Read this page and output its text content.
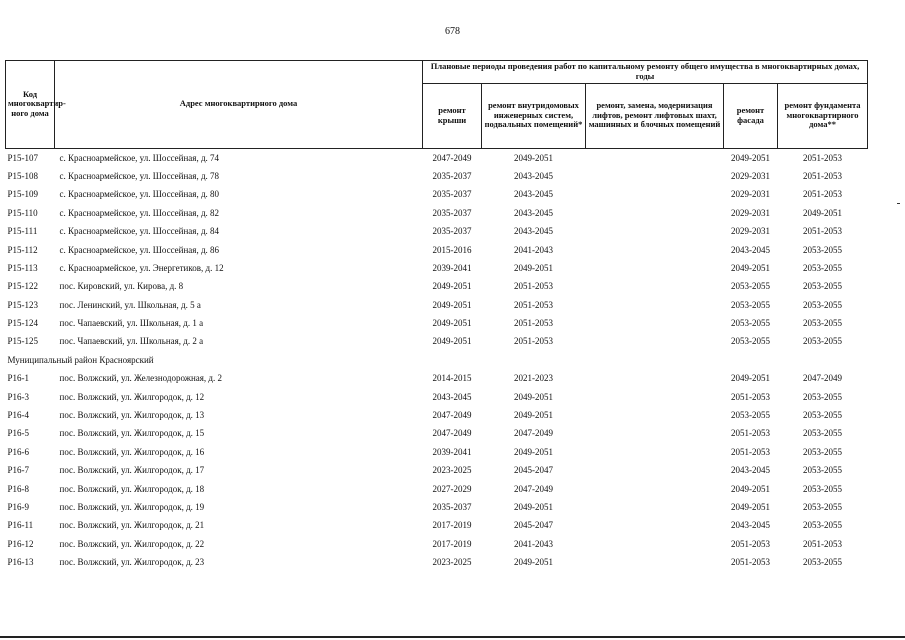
678
Код многоквартир-ного дома	Адрес многоквартирного дома	Плановые периоды проведения работ по капитальному ремонту общего имущества в многоквартирных домах, годы				
		ремонт крыши	ремонт внутридомовых инженерных систем, подвальных помещений*	ремонт, замена, модернизация лифтов, ремонт лифтовых шахт, машинных и блочных помещений	ремонт фасада	ремонт фундамента многоквартирного дома**
Р15-107	с. Красноармейское, ул. Шоссейная, д. 74	2047-2049	2049-2051		2049-2051	2051-2053
Р15-108	с. Красноармейское, ул. Шоссейная, д. 78	2035-2037	2043-2045		2029-2031	2051-2053
Р15-109	с. Красноармейское, ул. Шоссейная, д. 80	2035-2037	2043-2045		2029-2031	2051-2053
Р15-110	с. Красноармейское, ул. Шоссейная, д. 82	2035-2037	2043-2045		2029-2031	2049-2051
Р15-111	с. Красноармейское, ул. Шоссейная, д. 84	2035-2037	2043-2045		2029-2031	2051-2053
Р15-112	с. Красноармейское, ул. Шоссейная, д. 86	2015-2016	2041-2043		2043-2045	2053-2055
Р15-113	с. Красноармейское, ул. Энергетиков, д. 12	2039-2041	2049-2051		2049-2051	2053-2055
Р15-122	пос. Кировский, ул. Кирова, д. 8	2049-2051	2051-2053		2053-2055	2053-2055
Р15-123	пос. Ленинский, ул. Школьная, д. 5 а	2049-2051	2051-2053		2053-2055	2053-2055
Р15-124	пос. Чапаевский, ул. Школьная, д. 1 а	2049-2051	2051-2053		2053-2055	2053-2055
Р15-125	пос. Чапаевский, ул. Школьная, д. 2 а	2049-2051	2051-2053		2053-2055	2053-2055
Муниципальный район Красноярский						
Р16-1	пос. Волжский, ул. Железнодорожная, д. 2	2014-2015	2021-2023		2049-2051	2047-2049
Р16-3	пос. Волжский, ул. Жилгородок, д. 12	2043-2045	2049-2051		2051-2053	2053-2055
Р16-4	пос. Волжский, ул. Жилгородок, д. 13	2047-2049	2049-2051		2053-2055	2053-2055
Р16-5	пос. Волжский, ул. Жилгородок, д. 15	2047-2049	2047-2049		2051-2053	2053-2055
Р16-6	пос. Волжский, ул. Жилгородок, д. 16	2039-2041	2049-2051		2051-2053	2053-2055
Р16-7	пос. Волжский, ул. Жилгородок, д. 17	2023-2025	2045-2047		2043-2045	2053-2055
Р16-8	пос. Волжский, ул. Жилгородок, д. 18	2027-2029	2047-2049		2049-2051	2053-2055
Р16-9	пос. Волжский, ул. Жилгородок, д. 19	2035-2037	2049-2051		2049-2051	2053-2055
Р16-11	пос. Волжский, ул. Жилгородок, д. 21	2017-2019	2045-2047		2043-2045	2053-2055
Р16-12	пос. Волжский, ул. Жилгородок, д. 22	2017-2019	2041-2043		2051-2053	2051-2053
Р16-13	пос. Волжский, ул. Жилгородок, д. 23	2023-2025	2049-2051		2051-2053	2053-2055
